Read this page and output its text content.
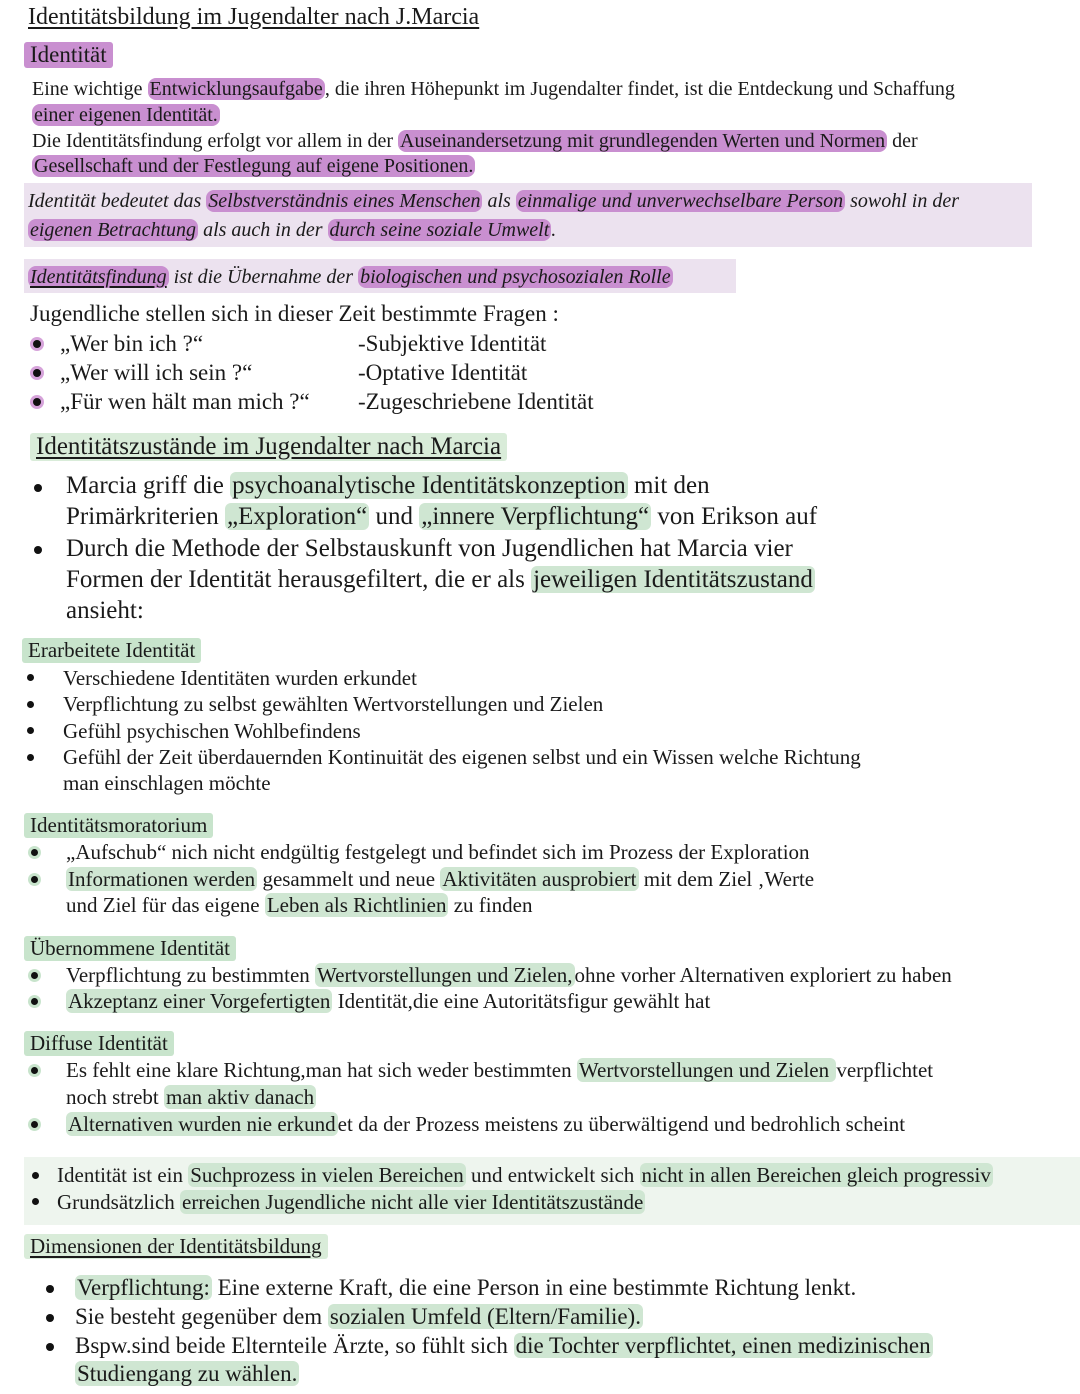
Identitätsbildung im Jugendalter nach J.Marcia
Identität
Eine wichtige Entwicklungsaufgabe , die ihren Höhepunkt im Jugendalter findet, ist die Entdeckung und Schaffung
einer eigenen Identität.
Die Identitätsfindung erfolgt vor allem in der Auseinandersetzung mit grundlegenden Werten und Normen der
Gesellschaft und der Festlegung auf eigene Positionen.
Identität bedeutet das Selbstverständnis eines Menschen als einmalige und unverwechselbare Person sowohl in der
eigenen Betrachtung als auch in der durch seine soziale Umwelt .
Identitätsfindung ist die Übernahme der biologischen und psychosozialen Rolle
Jugendliche stellen sich in dieser Zeit bestimmte Fragen :
„Wer bin ich ?“	-Subjektive Identität
„Wer will ich sein ?“	-Optative Identität
„Für wen hält man mich ?“ -Zugeschriebene Identität
Identitätszustände im Jugendalter nach Marcia
Marcia griff die psychoanalytische Identitätskonzeption mit den
Primärkriterien „Exploration“ und „innere Verpflichtung“ von Erikson auf
Durch die Methode der Selbstauskunft von Jugendlichen hat Marcia vier
Formen der Identität herausgefiltert, die er als jeweiligen Identitätszustand
ansieht:
Erarbeitete Identität
Verschiedene Identitäten wurden erkundet
Verpflichtung zu selbst gewählten Wertvorstellungen und Zielen
Gefühl psychischen Wohlbefindens
Gefühl der Zeit überdauernden Kontinuität des eigenen selbst und ein Wissen welche Richtung
man einschlagen möchte
Identitätsmoratorium
„Aufschub“ nich nicht endgültig festgelegt und befindet sich im Prozess der Exploration
Informationen werden gesammelt und neue Aktivitäten ausprobiert mit dem Ziel ‚Werte
und Ziel für das eigene Leben als Richtlinien zu finden
Übernommene Identität
Verpflichtung zu bestimmten Wertvorstellungen und Zielen,ohne vorher Alternativen exploriert zu haben
Akzeptanz einer Vorgefertigten Identität,die eine Autoritätsfigur gewählt hat
Diffuse Identität
Es fehlt eine klare Richtung,man hat sich weder bestimmten Wertvorstellungen und Zielen verpflichtet
noch strebt man aktiv danach
Alternativen wurden nie erkundet da der Prozess meistens zu überwältigend und bedrohlich scheint
Identität ist ein Suchprozess in vielen Bereichen und entwickelt sich nicht in allen Bereichen gleich progressiv
Grundsätzlich erreichen Jugendliche nicht alle vier Identitätszustände
Dimensionen der Identitätsbildung
Verpflichtung: Eine externe Kraft, die eine Person in eine bestimmte Richtung lenkt.
Sie besteht gegenüber dem sozialen Umfeld (Eltern/Familie).
Bspw.sind beide Elternteile Ärzte, so fühlt sich die Tochter verpflichtet, einen medizinischen
Studiengang zu wählen.
